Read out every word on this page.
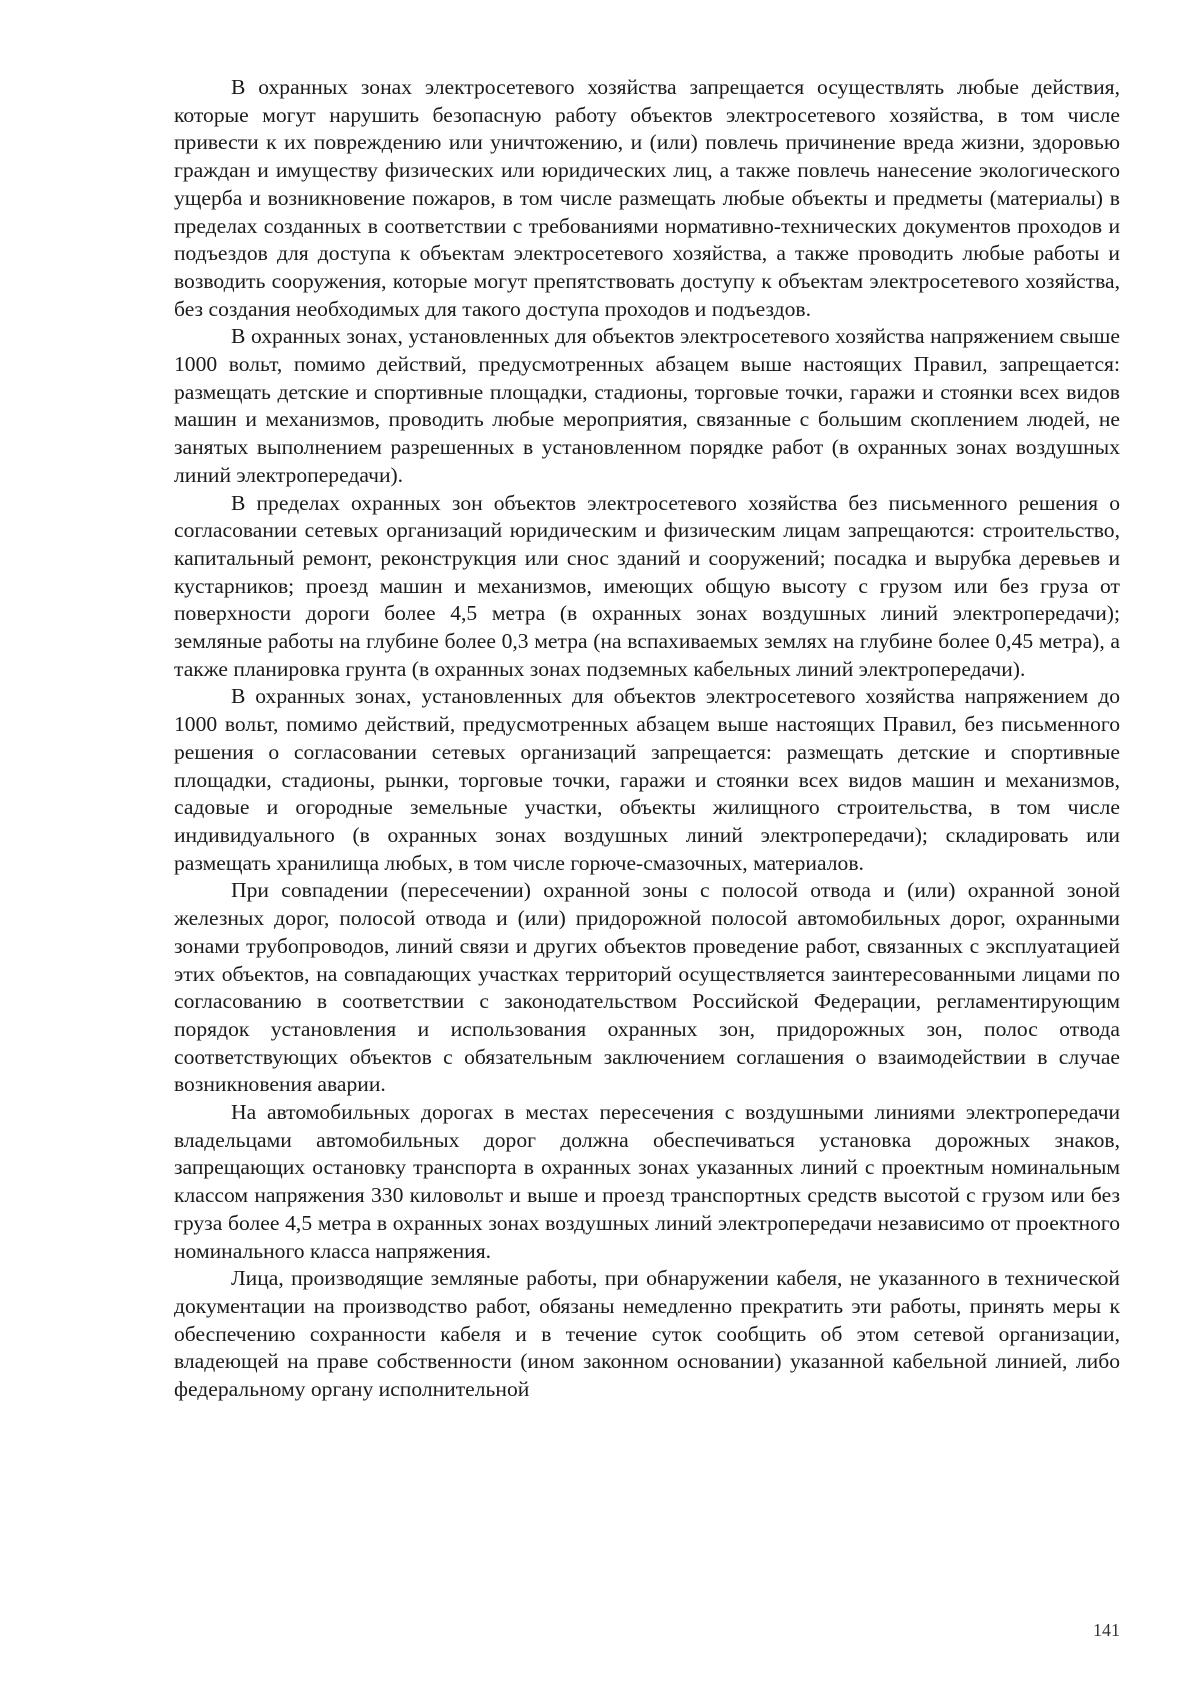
В охранных зонах электросетевого хозяйства запрещается осуществлять любые действия, которые могут нарушить безопасную работу объектов электросетевого хозяйства, в том числе привести к их повреждению или уничтожению, и (или) повлечь причинение вреда жизни, здоровью граждан и имуществу физических или юридических лиц, а также повлечь нанесение экологического ущерба и возникновение пожаров, в том числе размещать любые объекты и предметы (материалы) в пределах созданных в соответствии с требованиями нормативно-технических документов проходов и подъездов для доступа к объектам электросетевого хозяйства, а также проводить любые работы и возводить сооружения, которые могут препятствовать доступу к объектам электросетевого хозяйства, без создания необходимых для такого доступа проходов и подъездов.

В охранных зонах, установленных для объектов электросетевого хозяйства напряжением свыше 1000 вольт, помимо действий, предусмотренных абзацем выше настоящих Правил, запрещается: размещать детские и спортивные площадки, стадионы, торговые точки, гаражи и стоянки всех видов машин и механизмов, проводить любые мероприятия, связанные с большим скоплением людей, не занятых выполнением разрешенных в установленном порядке работ (в охранных зонах воздушных линий электропередачи).

В пределах охранных зон объектов электросетевого хозяйства без письменного решения о согласовании сетевых организаций юридическим и физическим лицам запрещаются: строительство, капитальный ремонт, реконструкция или снос зданий и сооружений; посадка и вырубка деревьев и кустарников; проезд машин и механизмов, имеющих общую высоту с грузом или без груза от поверхности дороги более 4,5 метра (в охранных зонах воздушных линий электропередачи); земляные работы на глубине более 0,3 метра (на вспахиваемых землях на глубине более 0,45 метра), а также планировка грунта (в охранных зонах подземных кабельных линий электропередачи).

В охранных зонах, установленных для объектов электросетевого хозяйства напряжением до 1000 вольт, помимо действий, предусмотренных абзацем выше настоящих Правил, без письменного решения о согласовании сетевых организаций запрещается: размещать детские и спортивные площадки, стадионы, рынки, торговые точки, гаражи и стоянки всех видов машин и механизмов, садовые и огородные земельные участки, объекты жилищного строительства, в том числе индивидуального (в охранных зонах воздушных линий электропередачи); складировать или размещать хранилища любых, в том числе горюче-смазочных, материалов.

При совпадении (пересечении) охранной зоны с полосой отвода и (или) охранной зоной железных дорог, полосой отвода и (или) придорожной полосой автомобильных дорог, охранными зонами трубопроводов, линий связи и других объектов проведение работ, связанных с эксплуатацией этих объектов, на совпадающих участках территорий осуществляется заинтересованными лицами по согласованию в соответствии с законодательством Российской Федерации, регламентирующим порядок установления и использования охранных зон, придорожных зон, полос отвода соответствующих объектов с обязательным заключением соглашения о взаимодействии в случае возникновения аварии.

На автомобильных дорогах в местах пересечения с воздушными линиями электропередачи владельцами автомобильных дорог должна обеспечиваться установка дорожных знаков, запрещающих остановку транспорта в охранных зонах указанных линий с проектным номинальным классом напряжения 330 киловольт и выше и проезд транспортных средств высотой с грузом или без груза более 4,5 метра в охранных зонах воздушных линий электропередачи независимо от проектного номинального класса напряжения.

Лица, производящие земляные работы, при обнаружении кабеля, не указанного в технической документации на производство работ, обязаны немедленно прекратить эти работы, принять меры к обеспечению сохранности кабеля и в течение суток сообщить об этом сетевой организации, владеющей на праве собственности (ином законном основании) указанной кабельной линией, либо федеральному органу исполнительной

141
